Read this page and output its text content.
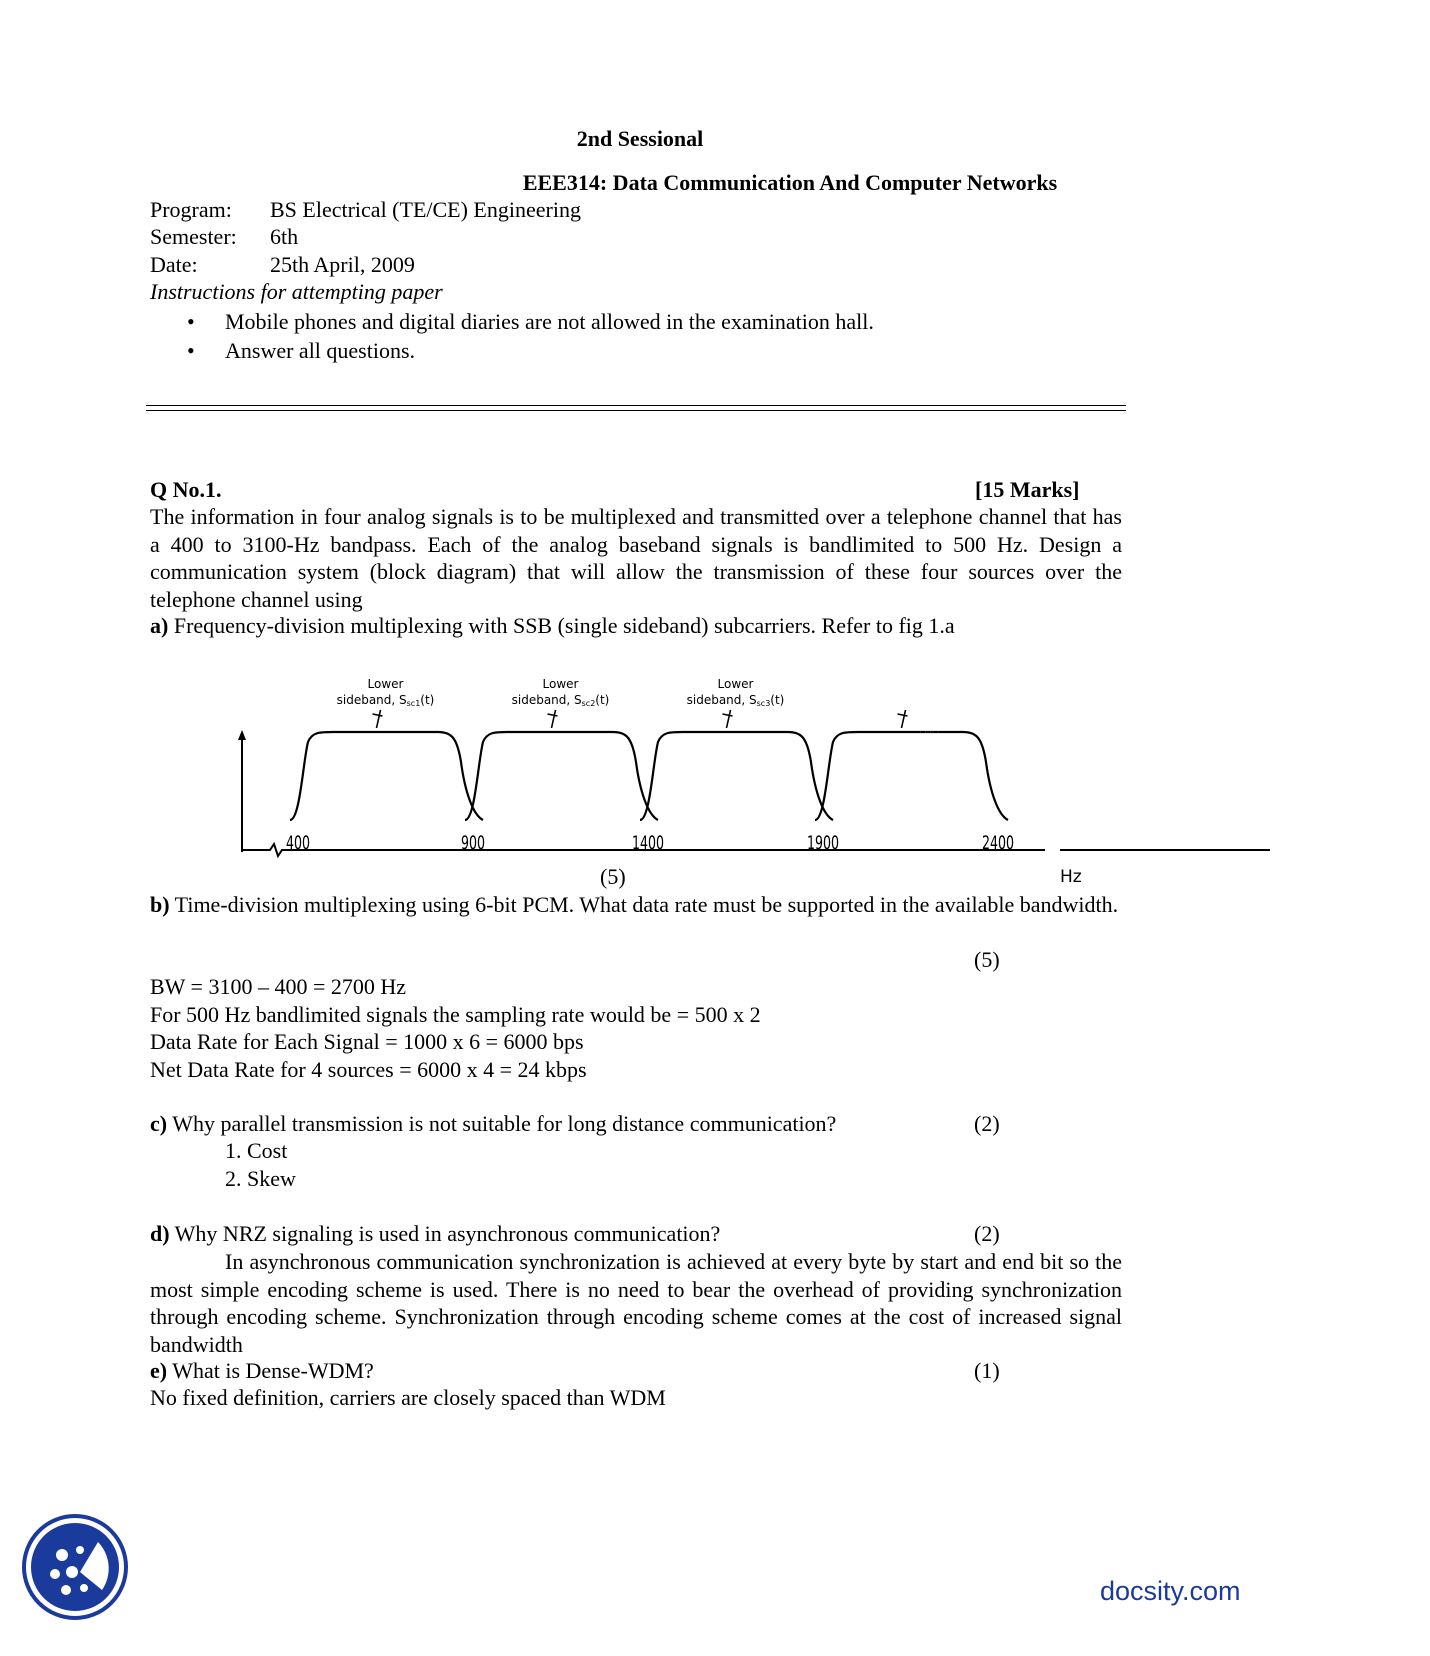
2nd Sessional
EEE314: Data Communication And Computer Networks
Program: BS Electrical (TE/CE) Engineering
Semester: 6th
Date:	25th April, 2009
Instructions for attempting paper
• Mobile phones and digital diaries are not allowed in the examination hall.
• Answer all questions.
Q No.1.	[15 Marks]
The information in four analog signals is to be multiplexed and transmitted over a telephone channel that has a 400 to 3100-Hz bandpass. Each of the analog baseband signals is bandlimited to 500 Hz. Design a communication system (block diagram) that will allow the transmission of these four sources over the telephone channel using
a) Frequency-division multiplexing with SSB (single sideband) subcarriers. Refer to fig 1.a
Lower
sideband, Ssc1(t)
Lower
sideband, Ssc2(t)
Lower
sideband, Ssc3(t)
400	900	1400	1900	2400
Hz
· ···· ·
(5)
b) Time-division multiplexing using 6-bit PCM. What data rate must be supported in the available bandwidth.
(5)
BW = 3100 – 400 = 2700 Hz
For 500 Hz bandlimited signals the sampling rate would be = 500 x 2
Data Rate for Each Signal = 1000 x 6 = 6000 bps
Net Data Rate for 4 sources = 6000 x 4 = 24 kbps
c) Why parallel transmission is not suitable for long distance communication?	(2)
1. Cost
2. Skew
d) Why NRZ signaling is used in asynchronous communication?	(2)
In asynchronous communication synchronization is achieved at every byte by start and end bit so the most simple encoding scheme is used. There is no need to bear the overhead of providing synchronization through encoding scheme. Synchronization through encoding scheme comes at the cost of increased signal bandwidth
e) What is Dense-WDM?	(1)
No fixed definition, carriers are closely spaced than WDM
docsity.com
